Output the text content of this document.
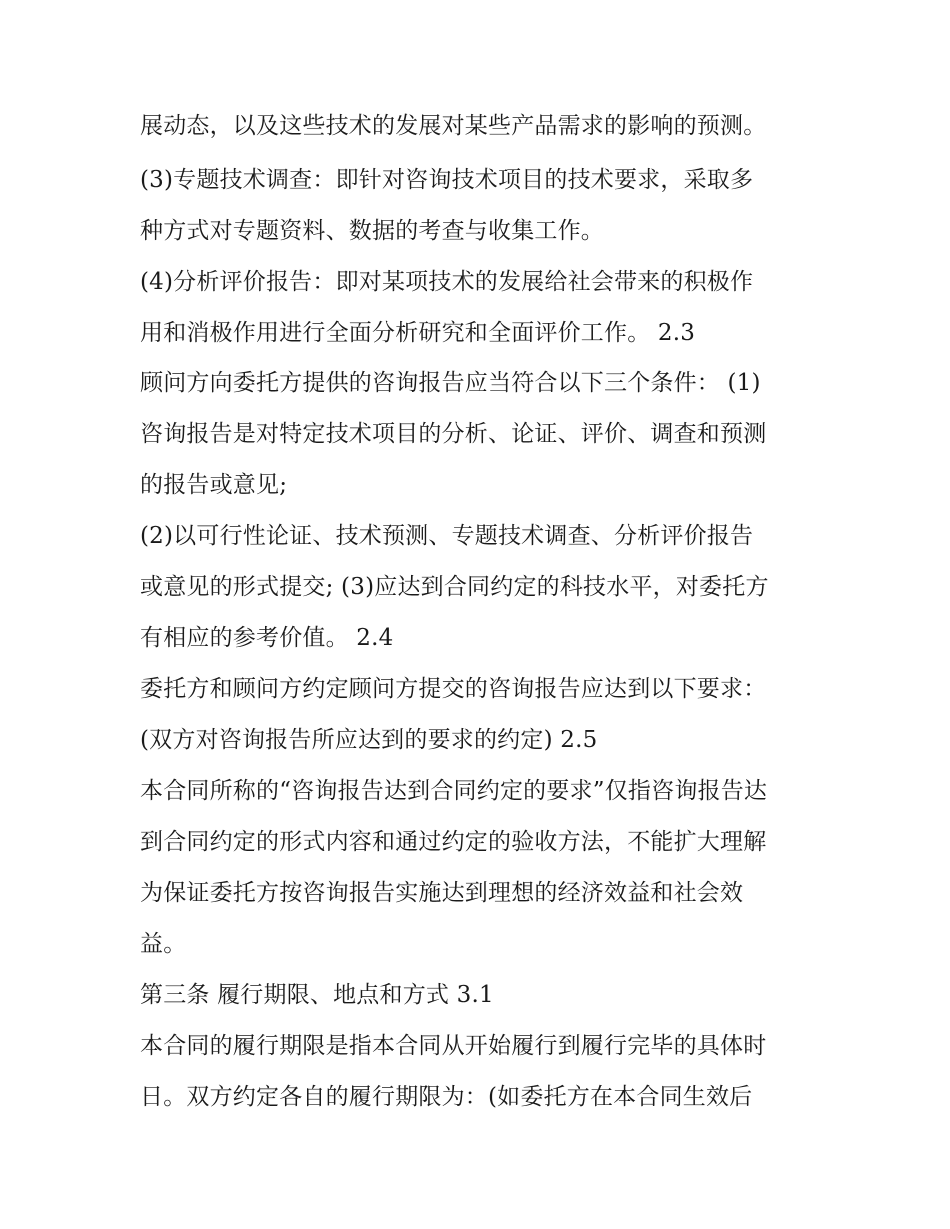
展动态，以及这些技术的发展对某些产品需求的影响的预测。
(3)专题技术调查：即针对咨询技术项目的技术要求，采取多
种方式对专题资料、数据的考查与收集工作。
(4)分析评价报告：即对某项技术的发展给社会带来的积极作
用和消极作用进行全面分析研究和全面评价工作。 2.3
顾问方向委托方提供的咨询报告应当符合以下三个条件： (1)
咨询报告是对特定技术项目的分析、论证、评价、调查和预测
的报告或意见;
(2)以可行性论证、技术预测、专题技术调查、分析评价报告
或意见的形式提交; (3)应达到合同约定的科技水平，对委托方
有相应的参考价值。 2.4
委托方和顾问方约定顾问方提交的咨询报告应达到以下要求：
(双方对咨询报告所应达到的要求的约定) 2.5
本合同所称的“咨询报告达到合同约定的要求”仅指咨询报告达
到合同约定的形式内容和通过约定的验收方法，不能扩大理解
为保证委托方按咨询报告实施达到理想的经济效益和社会效
益。
第三条 履行期限、地点和方式 3.1
本合同的履行期限是指本合同从开始履行到履行完毕的具体时
日。双方约定各自的履行期限为：(如委托方在本合同生效后
